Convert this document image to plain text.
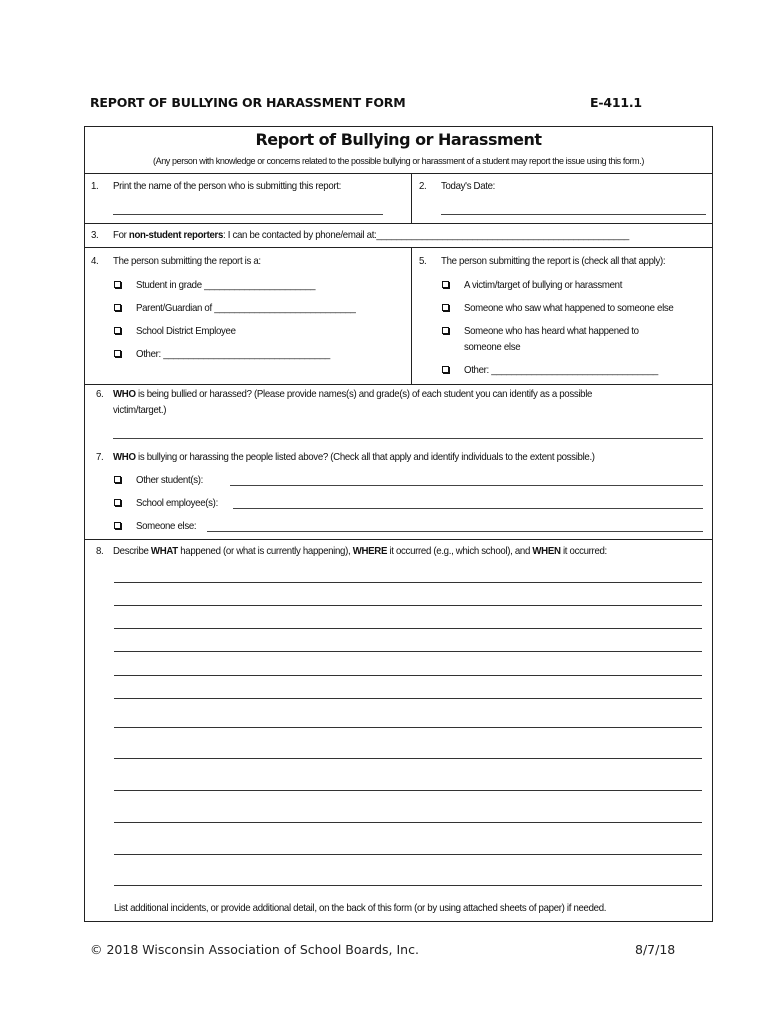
REPORT OF BULLYING OR HARASSMENT FORM	E-411.1
Report of Bullying or Harassment
(Any person with knowledge or concerns related to the possible bullying or harassment of a student may report the issue using this form.)
1. Print the name of the person who is submitting this report:	2. Today's Date:
3. For non-student reporters: I can be contacted by phone/email at:__________________________________________________
4. The person submitting the report is a:
Student in grade ______________________
Parent/Guardian of ____________________________
School District Employee
Other: _________________________________
5. The person submitting the report is (check all that apply):
A victim/target of bullying or harassment
Someone who saw what happened to someone else
Someone who has heard what happened to
someone else
Other: _________________________________
6. WHO is being bullied or harassed? (Please provide names(s) and grade(s) of each student you can identify as a possible
victim/target.)
7. WHO is bullying or harassing the people listed above? (Check all that apply and identify individuals to the extent possible.)
Other student(s):
School employee(s):
Someone else:
8. Describe WHAT happened (or what is currently happening), WHERE it occurred (e.g., which school), and WHEN it occurred:
List additional incidents, or provide additional detail, on the back of this form (or by using attached sheets of paper) if needed.
© 2018 Wisconsin Association of School Boards, Inc.	8/7/18
